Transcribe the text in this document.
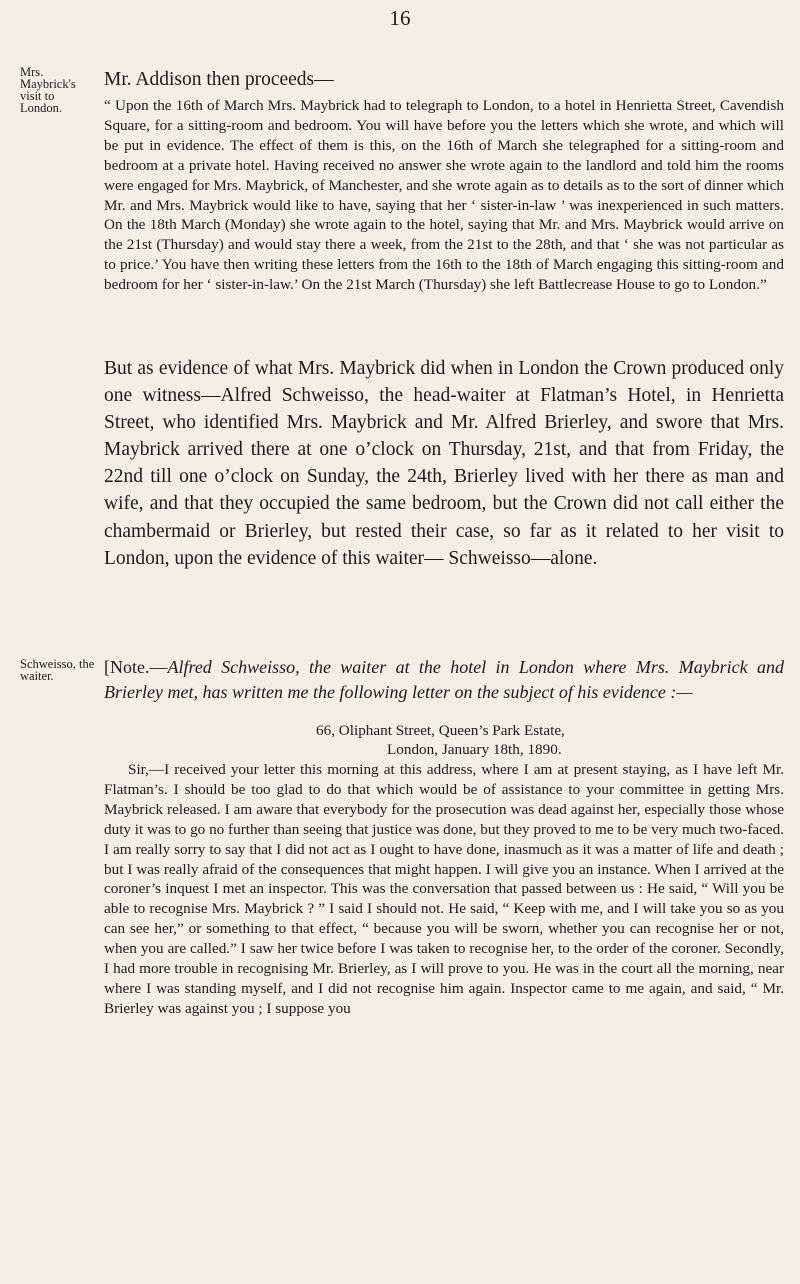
16
Mrs. Maybrick's
visit to London.
Mr. Addison then proceeds—

“ Upon the 16th of March Mrs. Maybrick had to telegraph to London, to a hotel in Henrietta Street, Cavendish Square, for a sitting-room and bedroom. You will have before you the letters which she wrote, and which will be put in evidence. The effect of them is this, on the 16th of March she telegraphed for a sitting-room and bedroom at a private hotel. Having received no answer she wrote again to the landlord and told him the rooms were engaged for Mrs. Maybrick, of Manchester, and she wrote again as to details as to the sort of dinner which Mr. and Mrs. Maybrick would like to have, saying that her ‘ sister-in-law ’ was inexperienced in such matters. On the 18th March (Monday) she wrote again to the hotel, saying that Mr. and Mrs. Maybrick would arrive on the 21st (Thursday) and would stay there a week, from the 21st to the 28th, and that ‘ she was not particular as to price.’ You have then writing these letters from the 16th to the 18th of March engaging this sitting-room and bedroom for her ‘ sister-in-law.’ On the 21st March (Thursday) she left Battlecrease House to go to London.”

But as evidence of what Mrs. Maybrick did when in London the Crown produced only one witness—Alfred Schweisso, the head-waiter at Flatman’s Hotel, in Henrietta Street, who identified Mrs. Maybrick and Mr. Alfred Brierley, and swore that Mrs. Maybrick arrived there at one o’clock on Thursday, 21st, and that from Friday, the 22nd till one o’clock on Sunday, the 24th, Brierley lived with her there as man and wife, and that they occupied the same bedroom, but the Crown did not call either the chambermaid or Brierley, but rested their case, so far as it related to her visit to London, upon the evidence of this waiter— Schweisso—alone.

Schweisso, the
waiter.	[Note.—Alfred Schweisso, the waiter at the hotel in London where Mrs. Maybrick and Brierley met, has written me the following letter on the subject of his evidence :—

66, Oliphant Street, Queen’s Park Estate,
London, January 18th, 1890.

Sir,—I received your letter this morning at this address, where I am at present staying, as I have left Mr. Flatman’s. I should be too glad to do that which would be of assistance to your committee in getting Mrs. Maybrick released. I am aware that everybody for the prosecution was dead against her, especially those whose duty it was to go no further than seeing that justice was done, but they proved to me to be very much two-faced. I am really sorry to say that I did not act as I ought to have done, inasmuch as it was a matter of life and death ; but I was really afraid of the consequences that might happen. I will give you an instance. When I arrived at the coroner’s inquest I met an inspector. This was the conversation that passed between us : He said, “ Will you be able to recognise Mrs. Maybrick ? ” I said I should not. He said, “ Keep with me, and I will take you so as you can see her,” or something to that effect, “ because you will be sworn, whether you can recognise her or not, when you are called.” I saw her twice before I was taken to recognise her, to the order of the coroner. Secondly, I had more trouble in recognising Mr. Brierley, as I will prove to you. He was in the court all the morning, near where I was standing myself, and I did not recognise him again. Inspector came to me again, and said, “ Mr. Brierley was against you ; I suppose you
